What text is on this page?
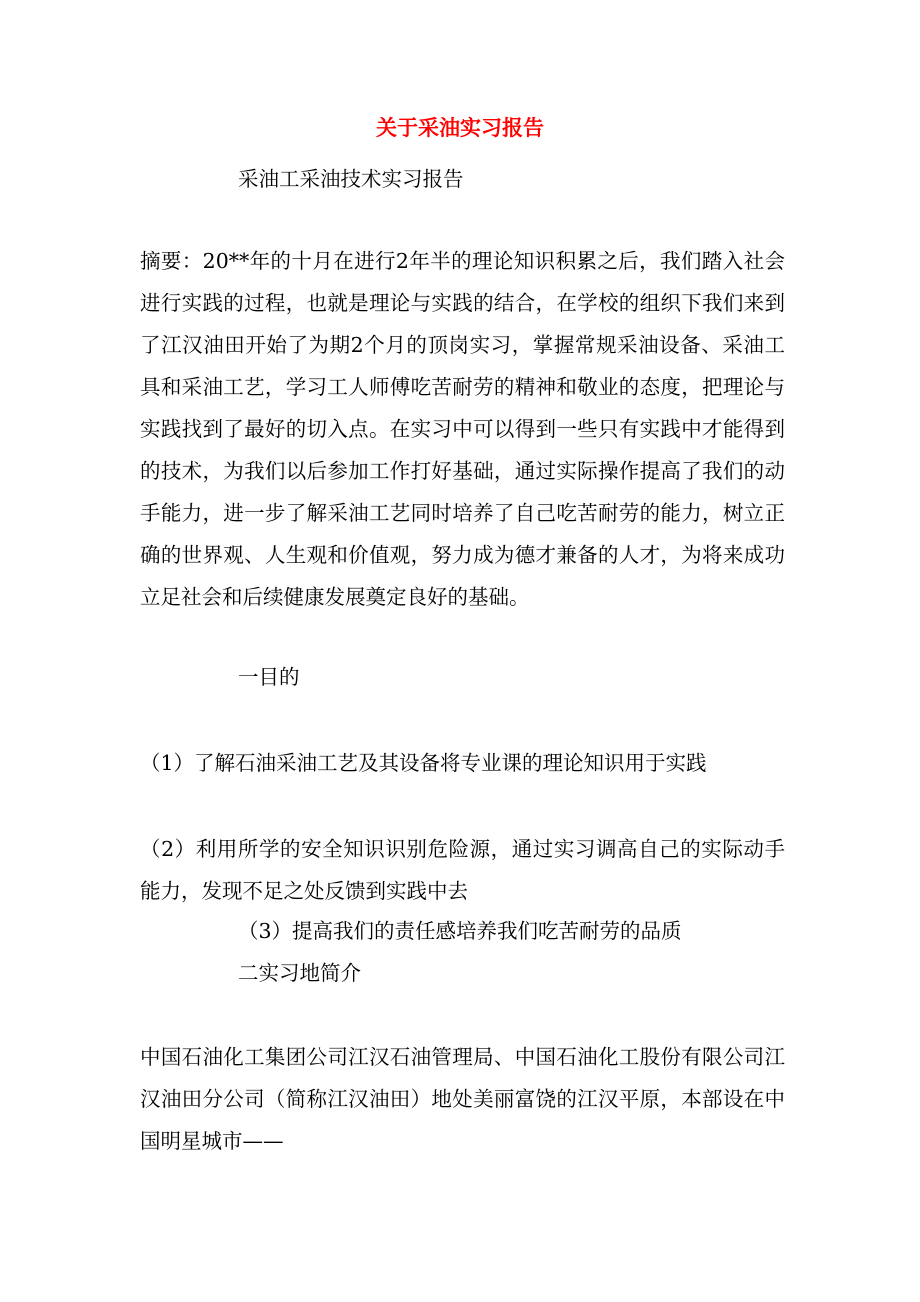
关于采油实习报告

采油工采油技术实习报告

摘要：20**年的十月在进行2年半的理论知识积累之后，我们踏入社会进行实践的过程，也就是理论与实践的结合，在学校的组织下我们来到了江汉油田开始了为期2个月的顶岗实习，掌握常规采油设备、采油工具和采油工艺，学习工人师傅吃苦耐劳的精神和敬业的态度，把理论与实践找到了最好的切入点。在实习中可以得到一些只有实践中才能得到的技术，为我们以后参加工作打好基础，通过实际操作提高了我们的动手能力，进一步了解采油工艺同时培养了自己吃苦耐劳的能力，树立正确的世界观、人生观和价值观，努力成为德才兼备的人才，为将来成功立足社会和后续健康发展奠定良好的基础。

一目的

（1）了解石油采油工艺及其设备将专业课的理论知识用于实践

（2）利用所学的安全知识识别危险源，通过实习调高自己的实际动手能力，发现不足之处反馈到实践中去

（3）提高我们的责任感培养我们吃苦耐劳的品质

二实习地简介

中国石油化工集团公司江汉石油管理局、中国石油化工股份有限公司江汉油田分公司（简称江汉油田）地处美丽富饶的江汉平原，本部设在中国明星城市——
